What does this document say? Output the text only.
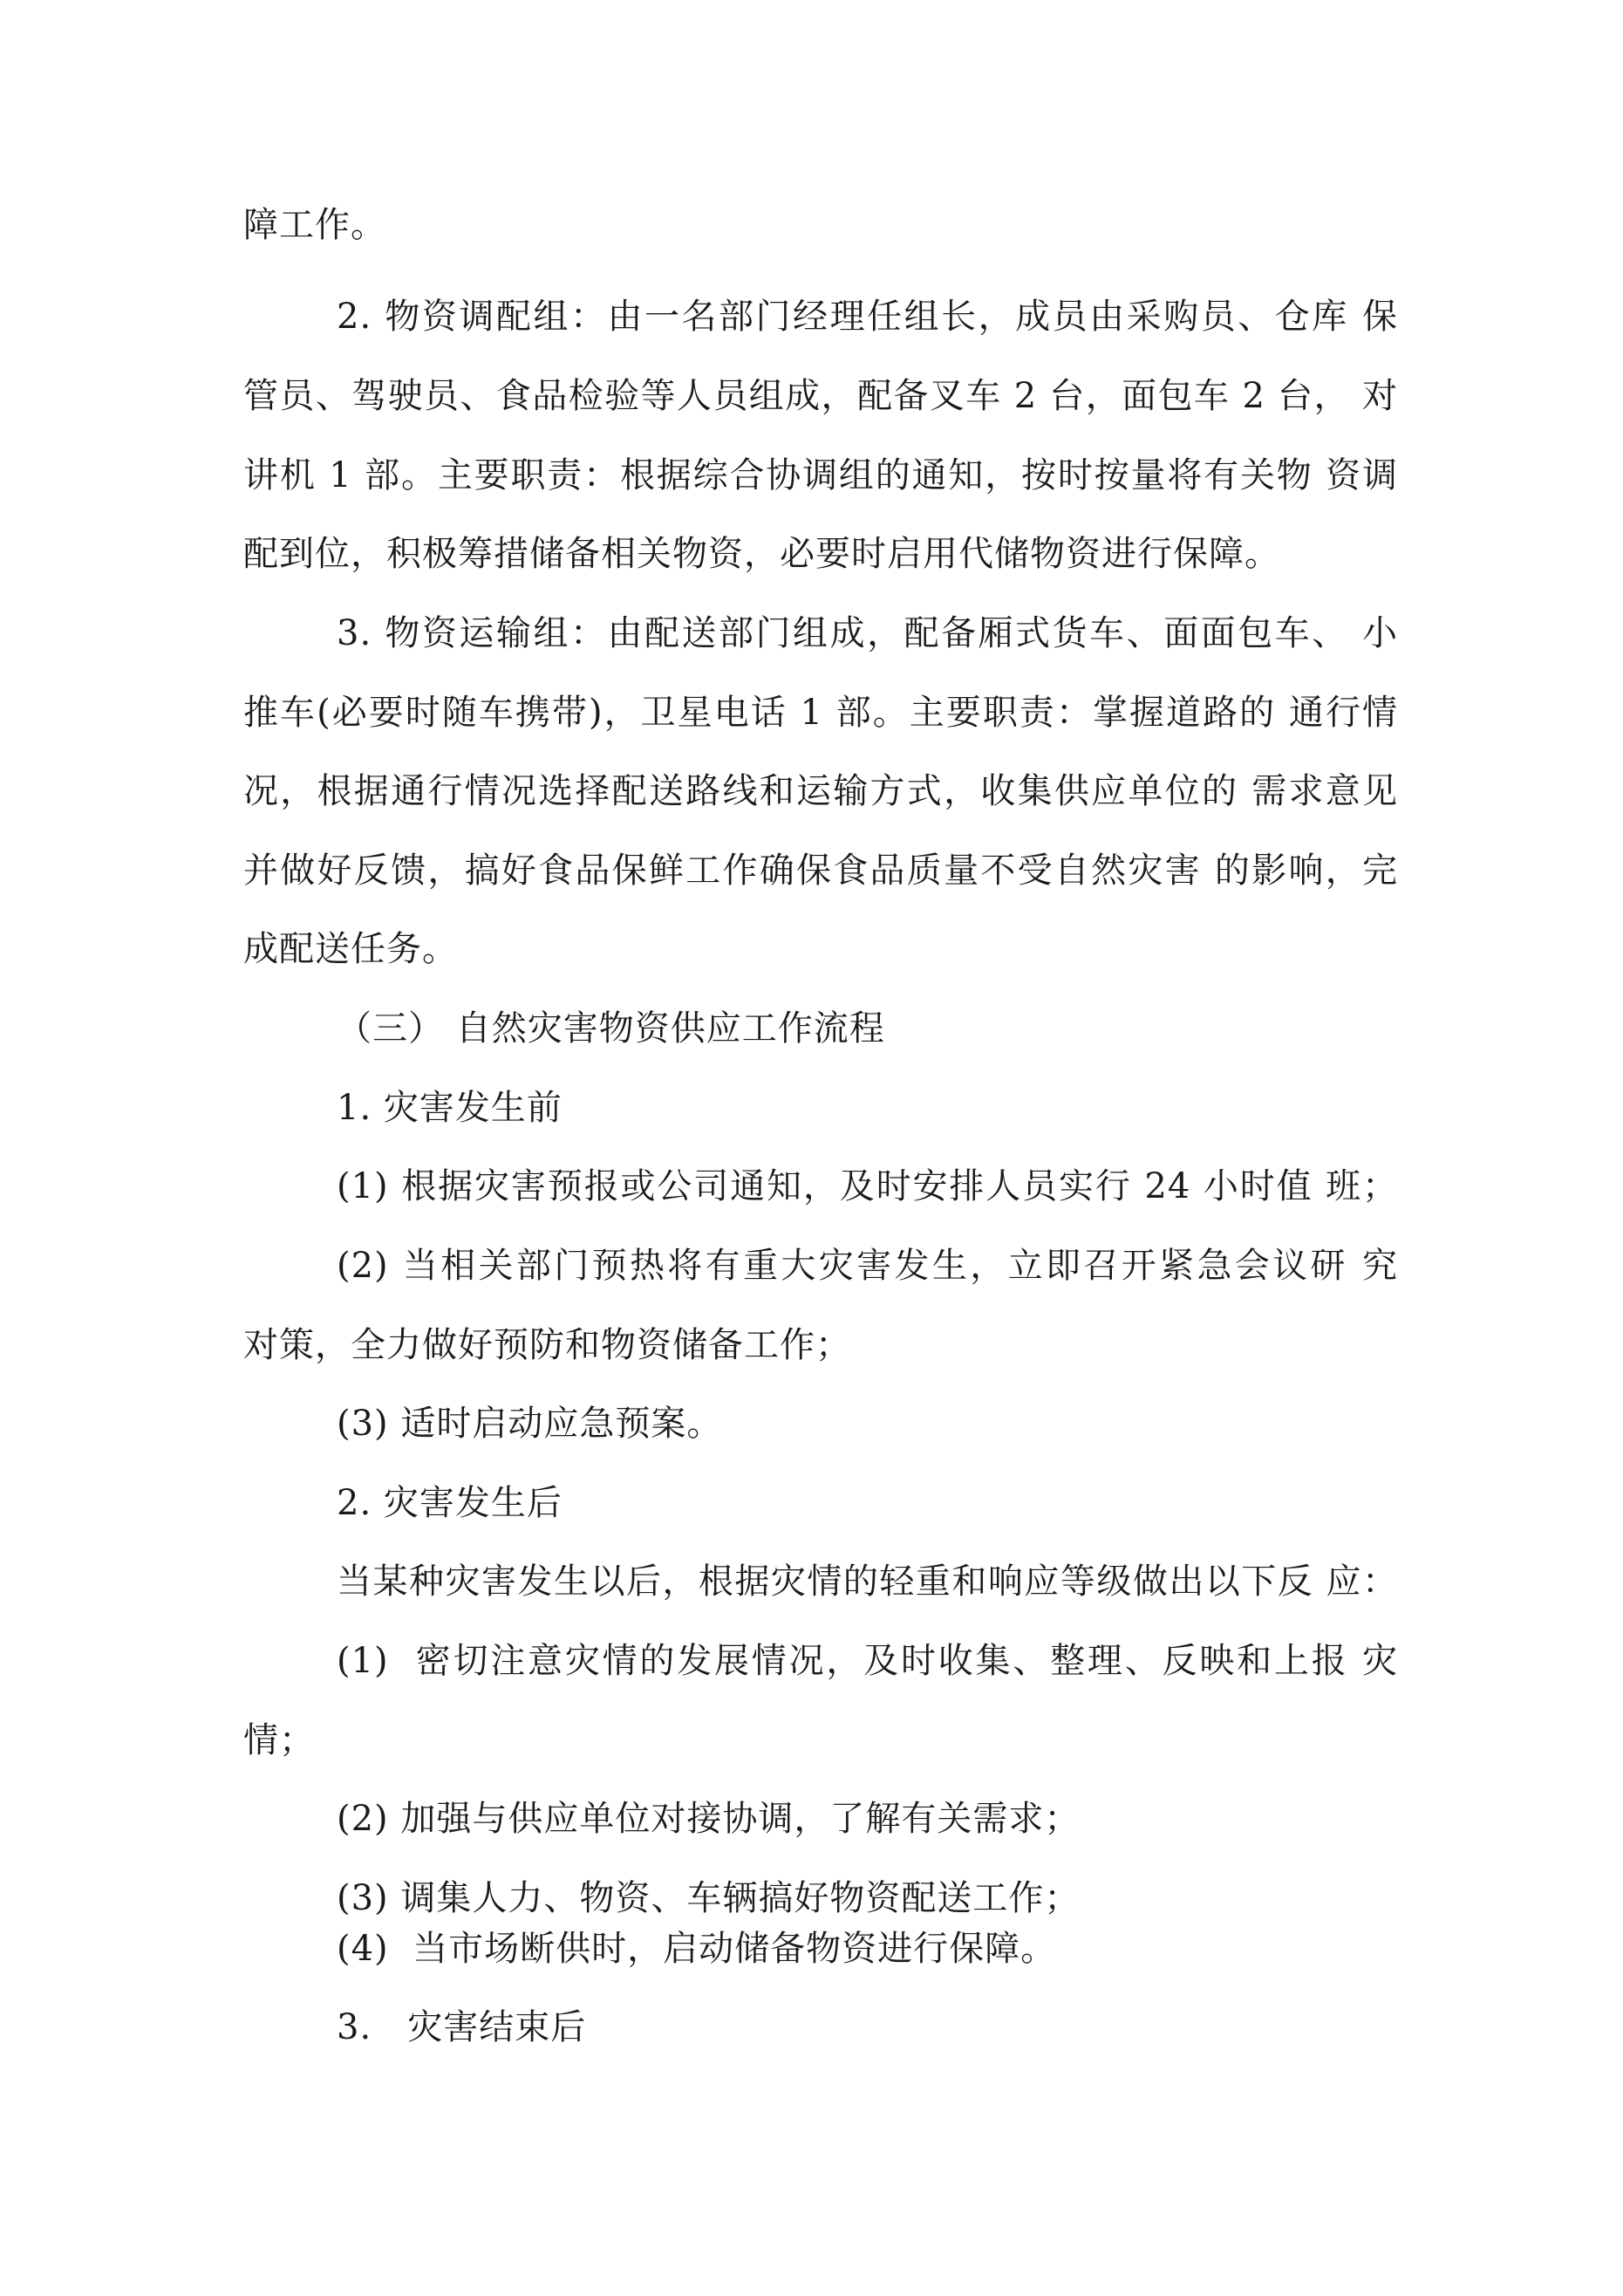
障工作。
2. 物资调配组：由一名部门经理任组长，成员由采购员、仓库 保
管员、驾驶员、食品检验等人员组成，配备叉车 2 台，面包车 2 台， 对
讲机 1 部。主要职责：根据综合协调组的通知，按时按量将有关物 资调
配到位，积极筹措储备相关物资，必要时启用代储物资进行保障。
3. 物资运输组：由配送部门组成，配备厢式货车、面面包车、 小
推车(必要时随车携带)，卫星电话 1 部。主要职责：掌握道路的 通行情
况，根据通行情况选择配送路线和运输方式，收集供应单位的 需求意见
并做好反馈，搞好食品保鲜工作确保食品质量不受自然灾害 的影响，完
成配送任务。
（三） 自然灾害物资供应工作流程
1. 灾害发生前
(1) 根据灾害预报或公司通知，及时安排人员实行 24 小时值 班；
(2) 当相关部门预热将有重大灾害发生，立即召开紧急会议研 究
对策，全力做好预防和物资储备工作；
(3) 适时启动应急预案。
2. 灾害发生后
当某种灾害发生以后，根据灾情的轻重和响应等级做出以下反 应：
(1)  密切注意灾情的发展情况，及时收集、整理、反映和上报 灾
情；
(2) 加强与供应单位对接协调，了解有关需求；
(3) 调集人力、物资、车辆搞好物资配送工作；
(4)  当市场断供时，启动储备物资进行保障。
3.   灾害结束后
